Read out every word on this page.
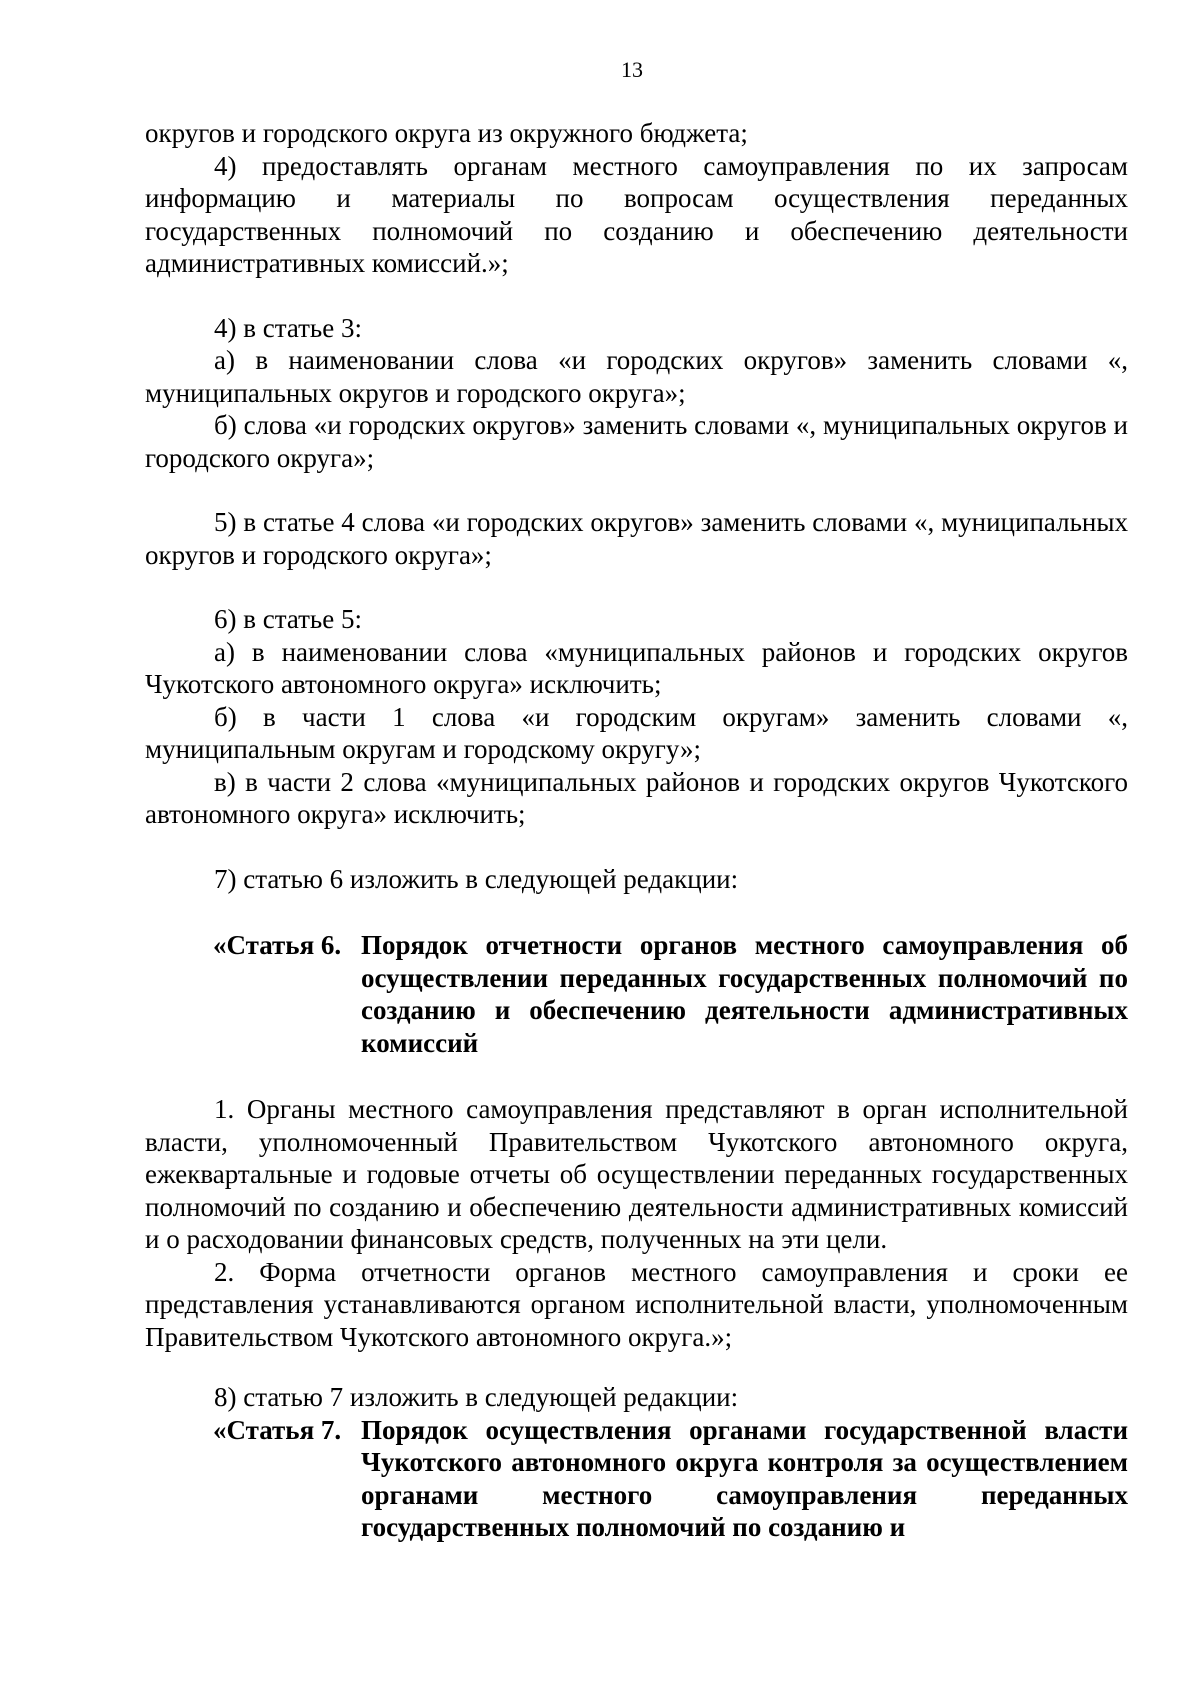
13

округов и городского округа из окружного бюджета;

4) предоставлять органам местного самоуправления по их запросам информацию и материалы по вопросам осуществления переданных государственных полномочий по созданию и обеспечению деятельности административных комиссий.»;

4) в статье 3:

а) в наименовании слова «и городских округов» заменить словами «, муниципальных округов и городского округа»;

б) слова «и городских округов» заменить словами «, муниципальных округов и городского округа»;

5) в статье 4 слова «и городских округов» заменить словами «, муниципальных округов и городского округа»;

6) в статье 5:

а) в наименовании слова «муниципальных районов и городских округов Чукотского автономного округа» исключить;

б) в части 1 слова «и городским округам» заменить словами «, муниципальным округам и городскому округу»;

в) в части 2 слова «муниципальных районов и городских округов Чукотского автономного округа» исключить;

7) статью 6 изложить в следующей редакции:

«Статья 6. Порядок отчетности органов местного самоуправления об осуществлении переданных государственных полномочий по созданию и обеспечению деятельности административных комиссий

1. Органы местного самоуправления представляют в орган исполнительной власти, уполномоченный Правительством Чукотского автономного округа, ежеквартальные и годовые отчеты об осуществлении переданных государственных полномочий по созданию и обеспечению деятельности административных комиссий и о расходовании финансовых средств, полученных на эти цели.

2. Форма отчетности органов местного самоуправления и сроки ее представления устанавливаются органом исполнительной власти, уполномоченным Правительством Чукотского автономного округа.»;

8) статью 7 изложить в следующей редакции:

«Статья 7. Порядок осуществления органами государственной власти Чукотского автономного округа контроля за осуществлением органами местного самоуправления переданных государственных полномочий по созданию и
